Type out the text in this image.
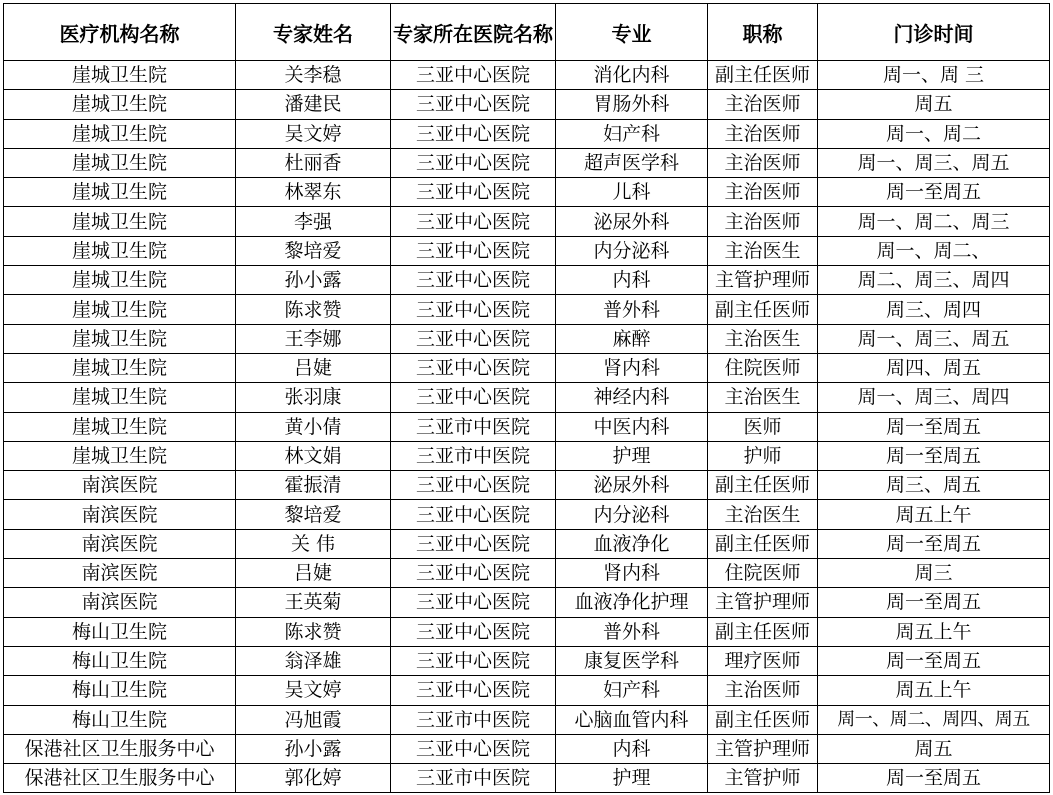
医疗机构名称	专家姓名	专家所在医院名称	专业	职称	门诊时间
崖城卫生院	关李稳	三亚中心医院	消化内科	副主任医师	周一、周 三
崖城卫生院	潘建民	三亚中心医院	胃肠外科	主治医师	周五
崖城卫生院	吴文婷	三亚中心医院	妇产科	主治医师	周一、周二
崖城卫生院	杜丽香	三亚中心医院	超声医学科	主治医师	周一、周三、周五
崖城卫生院	林翠东	三亚中心医院	儿科	主治医师	周一至周五
崖城卫生院	李强	三亚中心医院	泌尿外科	主治医师	周一、周二、周三
崖城卫生院	黎培爱	三亚中心医院	内分泌科	主治医生	周一、周二、
崖城卫生院	孙小露	三亚中心医院	内科	主管护理师	周二、周三、周四
崖城卫生院	陈求赞	三亚中心医院	普外科	副主任医师	周三、周四
崖城卫生院	王李娜	三亚中心医院	麻醉	主治医生	周一、周三、周五
崖城卫生院	吕婕	三亚中心医院	肾内科	住院医师	周四、周五
崖城卫生院	张羽康	三亚中心医院	神经内科	主治医生	周一、周三、周四
崖城卫生院	黄小倩	三亚市中医院	中医内科	医师	周一至周五
崖城卫生院	林文娟	三亚市中医院	护理	护师	周一至周五
南滨医院	霍振清	三亚中心医院	泌尿外科	副主任医师	周三、周五
南滨医院	黎培爱	三亚中心医院	内分泌科	主治医生	周五上午
南滨医院	关 伟	三亚中心医院	血液净化	副主任医师	周一至周五
南滨医院	吕婕	三亚中心医院	肾内科	住院医师	周三
南滨医院	王英菊	三亚中心医院	血液净化护理	主管护理师	周一至周五
梅山卫生院	陈求赞	三亚中心医院	普外科	副主任医师	周五上午
梅山卫生院	翁泽雄	三亚中心医院	康复医学科	理疗医师	周一至周五
梅山卫生院	吴文婷	三亚中心医院	妇产科	主治医师	周五上午
梅山卫生院	冯旭霞	三亚市中医院	心脑血管内科	副主任医师	周一、周二、周四、周五
保港社区卫生服务中心	孙小露	三亚中心医院	内科	主管护理师	周五
保港社区卫生服务中心	郭化婷	三亚市中医院	护理	主管护师	周一至周五
